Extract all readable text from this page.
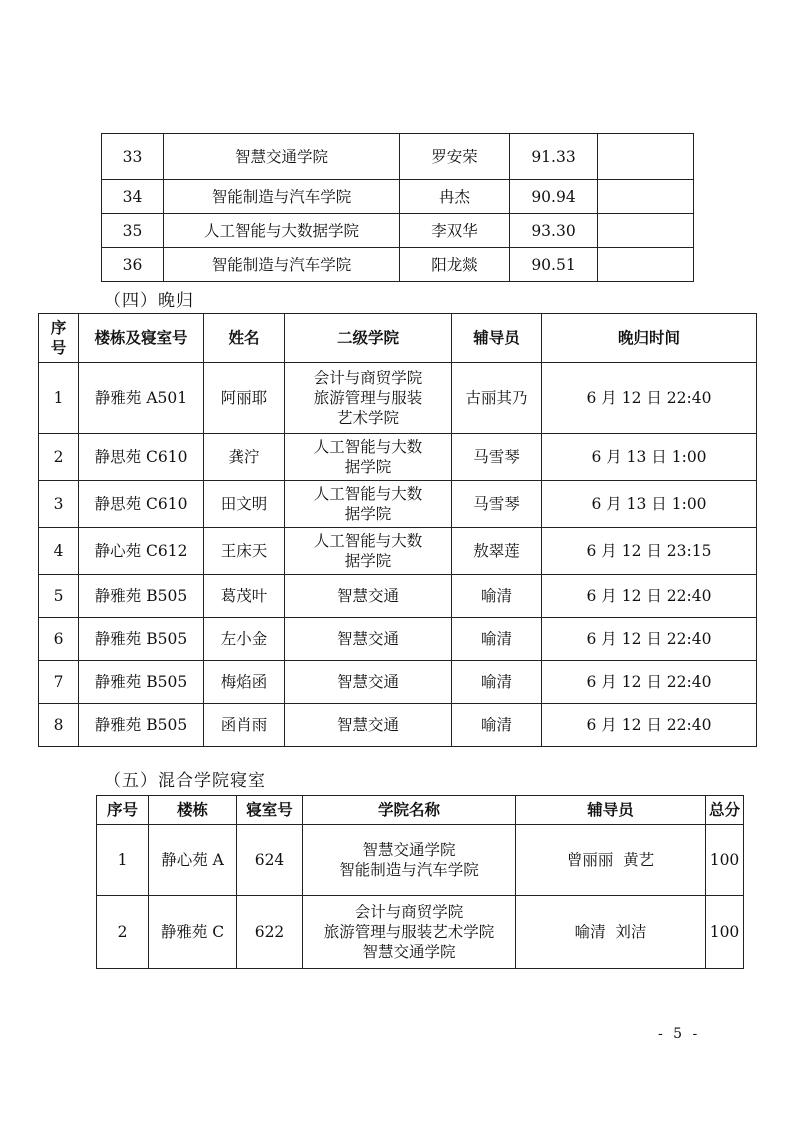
33	智慧交通学院	罗安荣	91.33	
34	智能制造与汽车学院	冉杰	90.94	
35	人工智能与大数据学院	李双华	93.30	
36	智能制造与汽车学院	阳龙燚	90.51	
（四）晚归
序
号	楼栋及寝室号	姓名	二级学院	辅导员	晚归时间
1	静雅苑 A501	阿丽耶	会计与商贸学院
旅游管理与服装
艺术学院	古丽其乃	6 月 12 日 22:40
2	静思苑 C610	龚泞	人工智能与大数
据学院	马雪琴	6 月 13 日 1:00
3	静思苑 C610	田文明	人工智能与大数
据学院	马雪琴	6 月 13 日 1:00
4	静心苑 C612	王床天	人工智能与大数
据学院	敖翠莲	6 月 12 日 23:15
5	静雅苑 B505	葛茂叶	智慧交通	喻清	6 月 12 日 22:40
6	静雅苑 B505	左小金	智慧交通	喻清	6 月 12 日 22:40
7	静雅苑 B505	梅焰函	智慧交通	喻清	6 月 12 日 22:40
8	静雅苑 B505	函肖雨	智慧交通	喻清	6 月 12 日 22:40
（五）混合学院寝室
序号	楼栋	寝室号	学院名称	辅导员	总分
1	静心苑 A	624	智慧交通学院
智能制造与汽车学院	曾丽丽  黄艺	100
2	静雅苑 C	622	会计与商贸学院
旅游管理与服装艺术学院
智慧交通学院	喻清  刘洁	100
- 5 -
